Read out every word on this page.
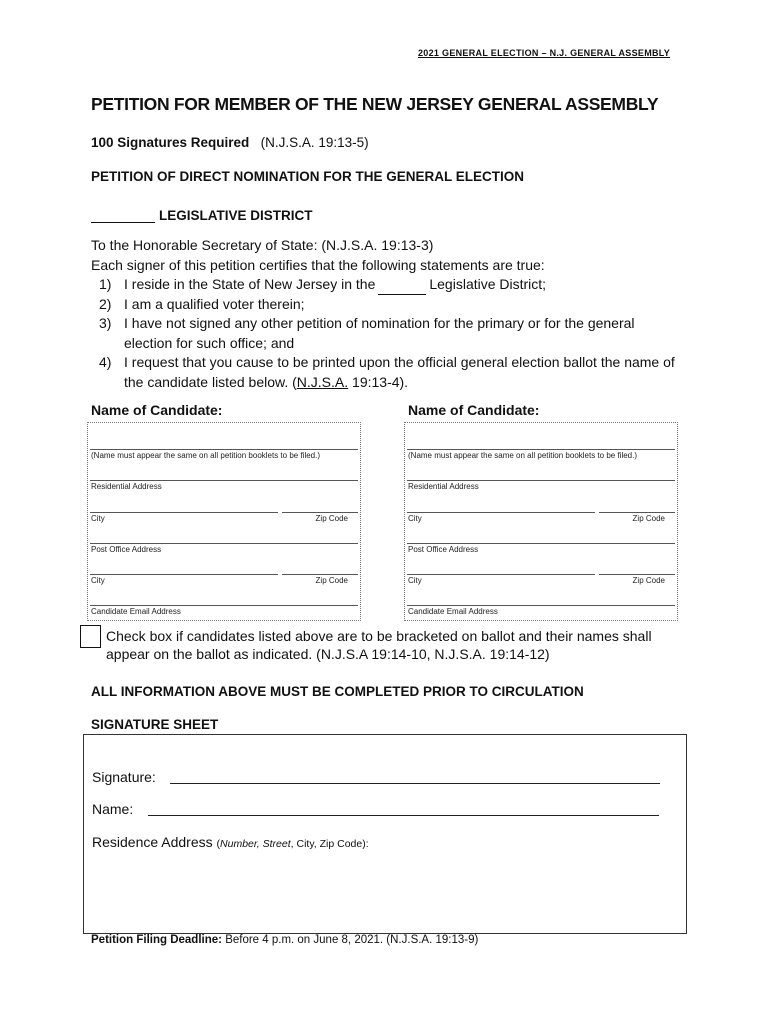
2021 GENERAL ELECTION – N.J. GENERAL ASSEMBLY
PETITION FOR MEMBER OF THE NEW JERSEY GENERAL ASSEMBLY
100 Signatures Required (N.J.S.A. 19:13-5)
PETITION OF DIRECT NOMINATION FOR THE GENERAL ELECTION
LEGISLATIVE DISTRICT
To the Honorable Secretary of State: (N.J.S.A. 19:13-3)
Each signer of this petition certifies that the following statements are true:
1) I reside in the State of New Jersey in the	Legislative District;
2) I am a qualified voter therein;
3) I have not signed any other petition of nomination for the primary or for the general election for such office; and
4) I request that you cause to be printed upon the official general election ballot the name of the candidate listed below. (N.J.S.A. 19:13-4).
Name of Candidate:
(Name must appear the same on all petition booklets to be filed.)
Residential Address
City	Zip Code
Post Office Address
City	Zip Code
Candidate Email Address
Name of Candidate:
(Name must appear the same on all petition booklets to be filed.)
Residential Address
City	Zip Code
Post Office Address
City	Zip Code
Candidate Email Address
Check box if candidates listed above are to be bracketed on ballot and their names shall appear on the ballot as indicated. (N.J.S.A 19:14-10, N.J.S.A. 19:14-12)
ALL INFORMATION ABOVE MUST BE COMPLETED PRIOR TO CIRCULATION
SIGNATURE SHEET
Signature:
Name:
Residence Address (Number, Street, City, Zip Code):
Petition Filing Deadline: Before 4 p.m. on June 8, 2021. (N.J.S.A. 19:13-9)
